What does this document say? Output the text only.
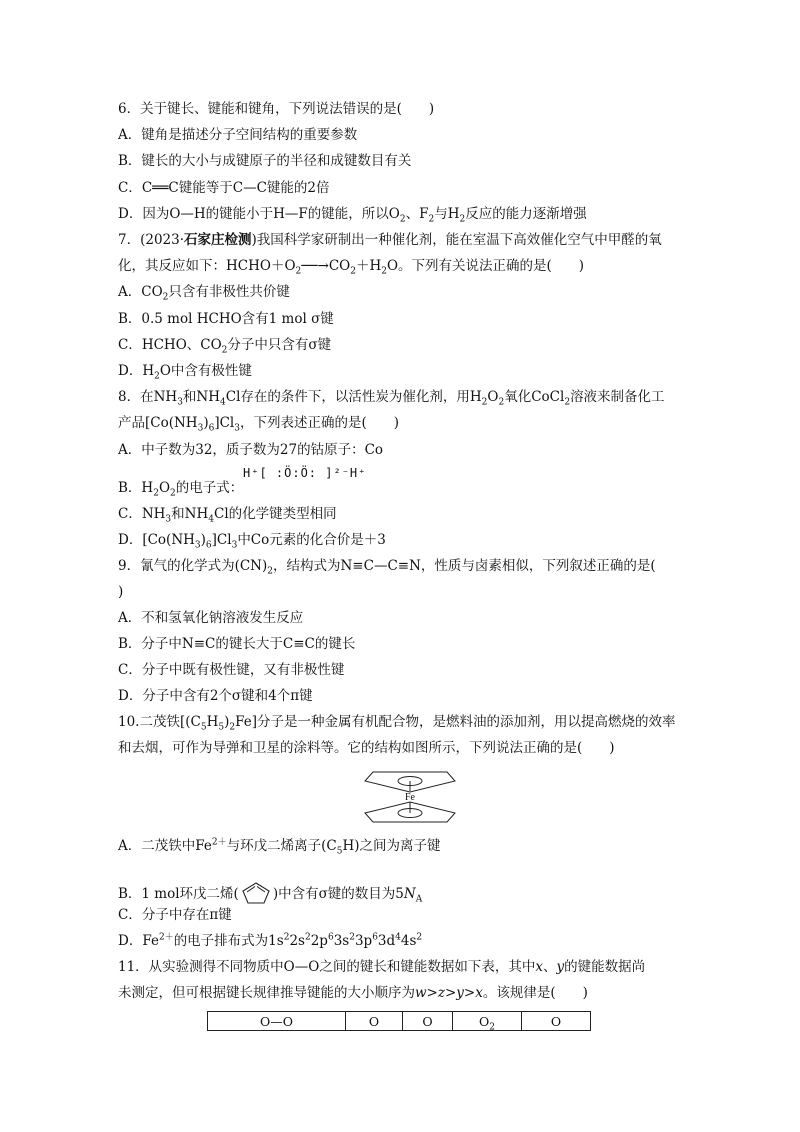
6．关于键长、键能和键角，下列说法错误的是(　　)
A．键角是描述分子空间结构的重要参数
B．键长的大小与成键原子的半径和成键数目有关
C．C══C键能等于C—C键能的2倍
D．因为O—H的键能小于H—F的键能，所以$O_2$、$F_2$与$H_2$反应的能力逐渐增强
7．(2023·石家庄检测)我国科学家研制出一种催化剂，能在室温下高效催化空气中甲醛的氧
化，其反应如下：$HCHO+O_2──\to CO_2+H_2O$。下列有关说法正确的是(　　)
A．$CO_2$只含有非极性共价键
B．0.5 mol HCHO含有1 mol σ键
C．HCHO、$CO_2$分子中只含有σ键
D．$H_2O$中含有极性键
8．在$NH_3$和$NH_4Cl$存在的条件下，以活性炭为催化剂，用$H_2O_2$氧化CoCl$_2$溶液来制备化工
产品$[Co(NH_3)_6]Cl_3$，下列表述正确的是(　　)
A．中子数为32，质子数为27的钴原子：Co
B．$H_2O_2$的电子式：
H⁺[ :Ö:Ö: ]²⁻H⁺
C．$NH_3$和$NH_4Cl$的化学键类型相同
D．$[Co(NH_3)_6]Cl_3$中Co元素的化合价是＋3
9．氰气的化学式为$(CN)_2$，结构式为N≡C—C≡N，性质与卤素相似，下列叙述正确的是(
)
A．不和氢氧化钠溶液发生反应
B．分子中N≡C的键长大于C≡C的键长
C．分子中既有极性键，又有非极性键
D．分子中含有2个σ键和4个π键
10.二茂铁$[(C_5H_5)_2Fe]$分子是一种金属有机配合物，是燃料油的添加剂，用以提高燃烧的效率
和去烟，可作为导弹和卫星的涂料等。它的结构如图所示，下列说法正确的是(　　)
Fe
A．二茂铁中$Fe^{2+}$与环戊二烯离子$(C_5H)$之间为离子键
B．1 mol环戊二烯(	)中含有σ键的数目为$5N_A$
C．分子中存在π键
D．$Fe^{2+}$的电子排布式为$1s^22s^22p^63s^23p^63d^44s^2$
11．从实验测得不同物质中O—O之间的键长和键能数据如下表，其中x、y的键能数据尚
未测定，但可根据键长规律推导键能的大小顺序为w>z>y>x。该规律是(　　)
O—O	O	O	$O_2$	O
